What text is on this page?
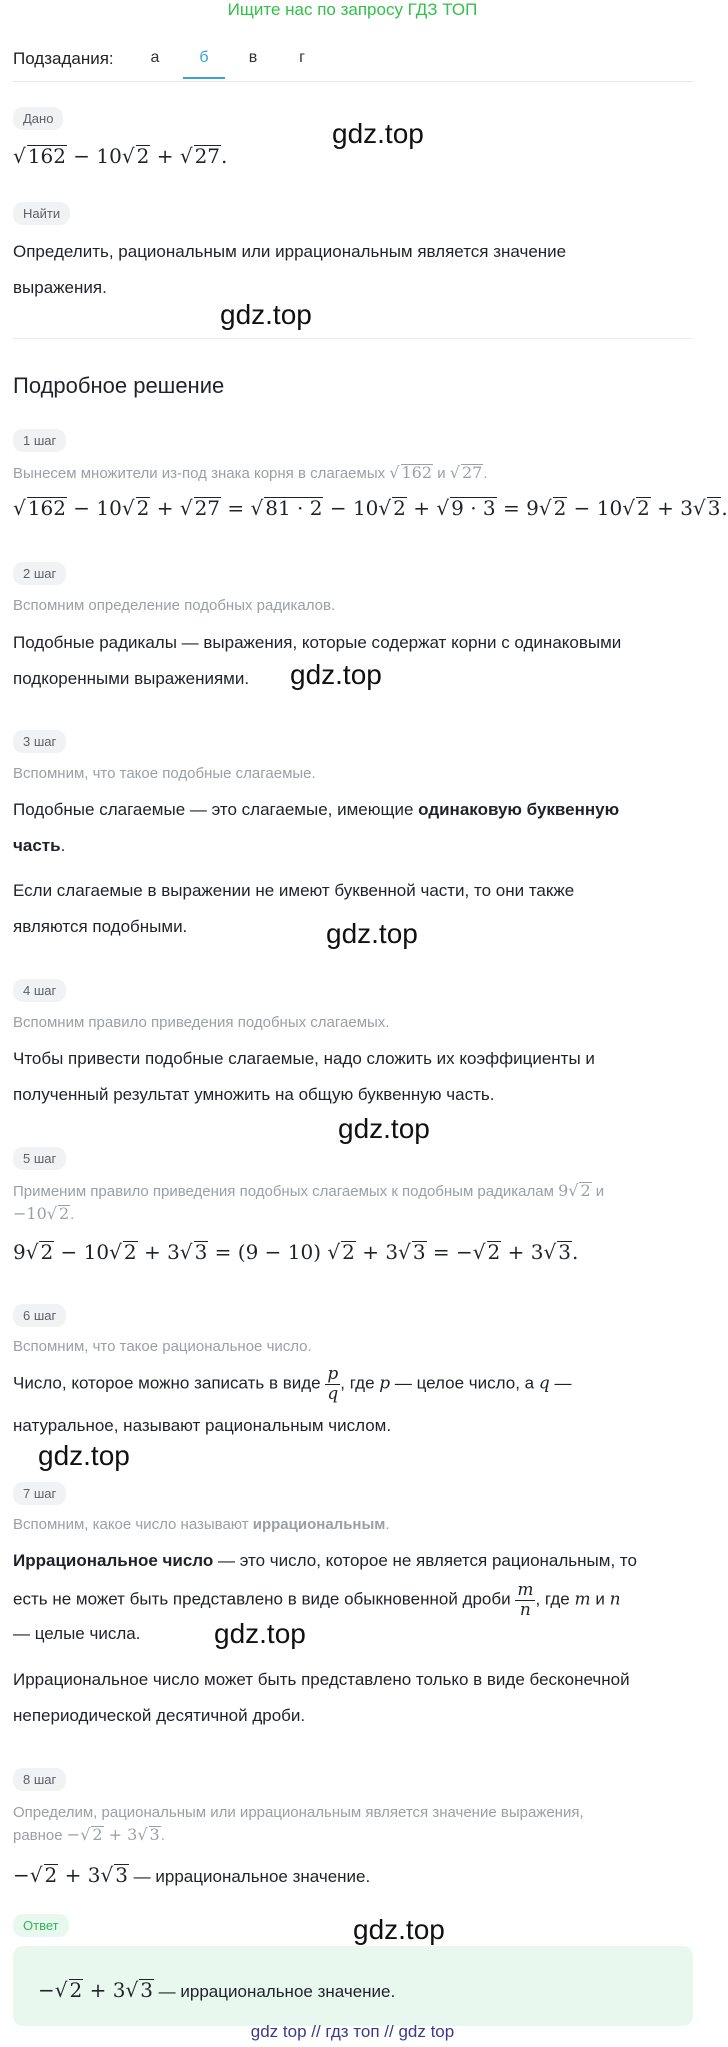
Ищите нас по запросу ГДЗ ТОП
Подзадания:	а	б	в	г
Дано
√ 162 − 10√ 2 + √ 27.
gdz.top
Найти
Определить, рациональным или иррациональным является значение выражения.
gdz.top
Подробное решение
1 шаг
Вынесем множители из-под знака корня в слагаемых √ 162 и √ 27.
√ 162 − 10√ 2 + √ 27 = √ 81 · 2 − 10√ 2 + √ 9 · 3 = 9√ 2 − 10√ 2 + 3√ 3.
2 шаг
Вспомним определение подобных радикалов.
Подобные радикалы — выражения, которые содержат корни с одинаковыми подкоренными выражениями.	gdz.top
3 шаг
Вспомним, что такое подобные слагаемые.
Подобные слагаемые — это слагаемые, имеющие одинаковую буквенную часть.
Если слагаемые в выражении не имеют буквенной части, то они также являются подобными.	gdz.top
4 шаг
Вспомним правило приведения подобных слагаемых.
Чтобы привести подобные слагаемые, надо сложить их коэффициенты и полученный результат умножить на общую буквенную часть.
gdz.top
5 шаг
Применим правило приведения подобных слагаемых к подобным радикалам 9√ 2 и
−10√ 2.
9√ 2 − 10√ 2 + 3√ 3 = (9 − 10) √ 2 + 3√ 3 = −√ 2 + 3√ 3.
6 шаг
Вспомним, что такое рациональное число.
Число, которое можно записать в виде $\frac{p}{q}$ , где p — целое число, а q —
натуральное, называют рациональным числом.
gdz.top
7 шаг
Вспомним, какое число называют иррациональным.
Иррациональное число — это число, которое не является рациональным, то
есть не может быть представлено в виде обыкновенной дроби $\frac{m}{n}$ , где m и n
— целые числа.	gdz.top
Иррациональное число может быть представлено только в виде бесконечной непериодической десятичной дроби.
8 шаг
Определим, рациональным или иррациональным является значение выражения,
равное −√ 2 + 3√ 3.
−√ 2 + 3√ 3 — иррациональное значение.
Ответ	gdz.top
−√ 2 + 3√ 3 — иррациональное значение.
gdz top // гдз топ // gdz top
